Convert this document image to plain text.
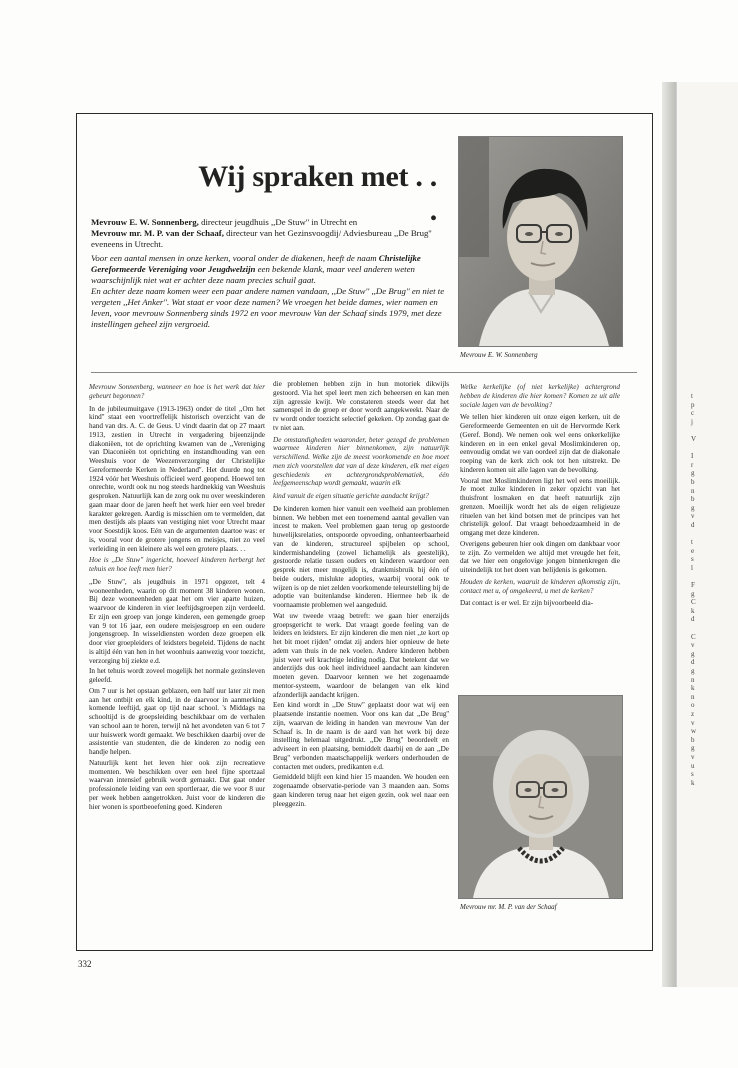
Wij spraken met . . .

Mevrouw E. W. Sonnenberg, directeur jeugdhuis ,,De Stuw'' in Utrecht en

Mevrouw mr. M. P. van der Schaaf, directeur van het Gezinsvoogdij/ Adviesbureau ,,De Brug'' eveneens in Utrecht.

Voor een aantal mensen in onze kerken, vooral onder de diakenen, heeft de naam Christelijke Gereformeerde Vereniging voor Jeugdwelzijn een bekende klank, maar veel anderen weten waarschijnlijk niet wat er achter deze naam precies schuil gaat.

En achter deze naam komen weer een paar andere namen vandaan, ,,De Stuw'' ,,De Brug'' en niet te vergeten ,,Het Anker''. Wat staat er voor deze namen? We vroegen het beide dames, wier namen en leven, voor mevrouw Sonnenberg sinds 1972 en voor mevrouw Van der Schaaf sinds 1979, met deze instellingen geheel zijn vergroeid.

Mevrouw E. W. Sonnenberg

Mevrouw Sonnenberg, wanneer en hoe is het werk dat hier gebeurt begonnen?

In de jubileumuitgave (1913-1963) onder de titel ,,Om het kind'' staat een voortreffelijk historisch overzicht van de hand van drs. A. C. de Geus. U vindt daarin dat op 27 maart 1913, zestien in Utrecht in vergadering bijeenzijnde diakoniëen, tot de oprichting kwamen van de ,,Vereniging van Diaconieën tot oprichting en instandhouding van een Weeshuis voor de Weezenverzorging der Christelijke Gereformeerde Kerken in Nederland''. Het duurde nog tot 1924 vóór het Weeshuis officieel werd geopend. Hoewel ten onrechte, wordt ook nu nog steeds hardnekkig van Weeshuis gesproken. Natuurlijk kan de zorg ook nu over weeskinderen gaan maar door de jaren heeft het werk hier een veel breder karakter gekregen. Aardig is misschien om te vermelden, dat men destijds als plaats van vestiging niet voor Utrecht maar voor Soestdijk koos. Eén van de argumenten daartoe was: er is, vooral voor de grotere jongens en meisjes, niet zo veel verleiding in een kleinere als wel een grotere plaats. . .

Hoe is ,,De Stuw'' ingericht, hoeveel kinderen herbergt het tehuis en hoe leeft men hier?

,,De Stuw'', als jeugdhuis in 1971 opgezet, telt 4 wooneenheden, waarin op dit moment 38 kinderen wonen. Bij deze wooneenheden gaat het om vier aparte huizen, waarvoor de kinderen in vier leeftijdsgroepen zijn verdeeld. Er zijn een groep van jonge kinderen, een gemengde groep van 9 tot 16 jaar, een oudere meisjesgroep en een oudere jongensgroep. In wisseldiensten worden deze groepen elk door vier groepleiders of leidsters begeleid. Tijdens de nacht is altijd één van hen in het woonhuis aanwezig voor toezicht, verzorging bij ziekte e.d.

In het tehuis wordt zoveel mogelijk het normale gezinsleven geleefd.

Om 7 uur is het opstaan geblazen, een half uur later zit men aan het ontbijt en elk kind, in de daarvoor in aanmerking komende leeftijd, gaat op tijd naar school. 's Middags na schooltijd is de groepsleiding beschikbaar om de verhalen van school aan te horen, terwijl nà het avondeten van 6 tot 7 uur huiswerk wordt gemaakt. We beschikken daarbij over de assistentie van studenten, die de kinderen zo nodig een handje helpen.

Natuurlijk kent het leven hier ook zijn recreatieve momenten. We beschikken over een heel fijne sportzaal waarvan intensief gebruik wordt gemaakt. Dat gaat onder professionele leiding van een sportleraar, die we voor 8 uur per week hebben aangetrokken. Juist voor de kinderen die hier wonen is sportbeoefening goed. Kinderen

die problemen hebben zijn in hun motoriek dikwijls gestoord. Via het spel leert men zich beheersen en kan men zijn agressie kwijt. We constateren steeds weer dat het samenspel in de groep er door wordt aangekweekt. Naar de tv wordt onder toezicht selectief gekeken. Op zondag gaat de tv niet aan.

De omstandigheden waaronder, beter gezegd de problemen waarmee kinderen hier binnenkomen, zijn natuurlijk verschillend. Welke zijn de meest voorkomende en hoe moet men zich voorstellen dat van al deze kinderen, elk met eigen geschiedenis en achtergrondsproblematiek, één leefgemeenschap wordt gemaakt, waarin elk

kind vanuit de eigen situatie gerichte aandacht krijgt?

De kinderen komen hier vanuit een veelheid aan problemen binnen. We hebben met een toenemend aantal gevallen van incest te maken. Veel problemen gaan terug op gestoorde huwelijksrelaties, ontspoorde opvoeding, onhanteerbaarheid van de kinderen, structureel spijbelen op school, kindermishandeling (zowel lichamelijk als geestelijk), gestoorde relatie tussen ouders en kinderen waardoor een gesprek niet meer mogelijk is, drankmisbruik bij één of beide ouders, mislukte adopties, waarbij vooral ook te wijzen is op de niet zelden voorkomende teleurstelling bij de adoptie van buitenlandse kinderen. Hiermee heb ik de voornaamste problemen wel aangeduid.

Wat uw tweede vraag betreft: we gaan hier enerzijds groepsgericht te werk. Dat vraagt goede feeling van de leiders en leidsters. Er zijn kinderen die men niet ,,te kort op het bit moet rijden'' omdat zij anders hier opnieuw de hete adem van thuis in de nek voelen. Andere kinderen hebben juist weer wèl krachtige leiding nodig. Dat betekent dat we anderzijds dus ook heel individueel aandacht aan kinderen moeten geven. Daarvoor kennen we het zogenaamde mentor-systeem, waardoor de belangen van elk kind afzonderlijk aandacht krijgen.

Een kind wordt in ,,De Stuw'' geplaatst door wat wij een plaatsende instantie noemen. Voor ons kan dat ,,De Brug'' zijn, waarvan de leiding in handen van mevrouw Van der Schaaf is. In de naam is de aard van het werk bij deze instelling helemaal uitgedrukt. ,,De Brug'' beoordeelt en adviseert in een plaatsing, bemiddelt daarbij en de aan ,,De Brug'' verbonden maatschappelijk werkers onderhouden de contacten met ouders, predikanten e.d.

Gemiddeld blijft een kind hier 15 maanden. We houden een zogenaamde observatie-periode van 3 maanden aan. Soms gaan kinderen terug naar het eigen gezin, ook wel naar een pleeggezin.

Welke kerkelijke (of niet kerkelijke) achtergrond hebben de kinderen die hier komen? Komen ze uit alle sociale lagen van de bevolking?

We tellen hier kinderen uit onze eigen kerken, uit de Gereformeerde Gemeenten en uit de Hervormde Kerk (Geref. Bond). We nemen ook wel eens onkerkelijke kinderen en in een enkel geval Moslimkinderen op, eenvoudig omdat we van oordeel zijn dat de diakonale roeping van de kerk zich ook tot hen uitstrekt. De kinderen komen uit alle lagen van de bevolking.

Vooral met Moslimkinderen ligt het wel eens moeilijk. Je moet zulke kinderen in zeker opzicht van het thuisfront losmaken en dat heeft natuurlijk zijn grenzen. Moeilijk wordt het als de eigen religieuze rituelen van het kind botsen met de principes van het christelijk geloof. Dat vraagt behoedzaamheid in de omgang met deze kinderen.

Overigens gebeuren hier ook dingen om dankbaar voor te zijn. Zo vermelden we altijd met vreugde het feit, dat we hier een ongelovige jongen binnenkregen die uiteindelijk tot het doen van belijdenis is gekomen.

Houden de kerken, waaruit de kinderen afkomstig zijn, contact met u, of omgekeerd, u met de kerken?

Dat contact is er wel. Er zijn bijvoorbeeld dia-

Mevrouw mr. M. P. van der Schaaf
332
t
p
c
j

V

I
r
g
b
n
b
g
v
d

t
e
s
l

F
g
C
k
d

C
v
g
d
g
n
k
n
o
z
v
w
b
g
v
u
s
k
